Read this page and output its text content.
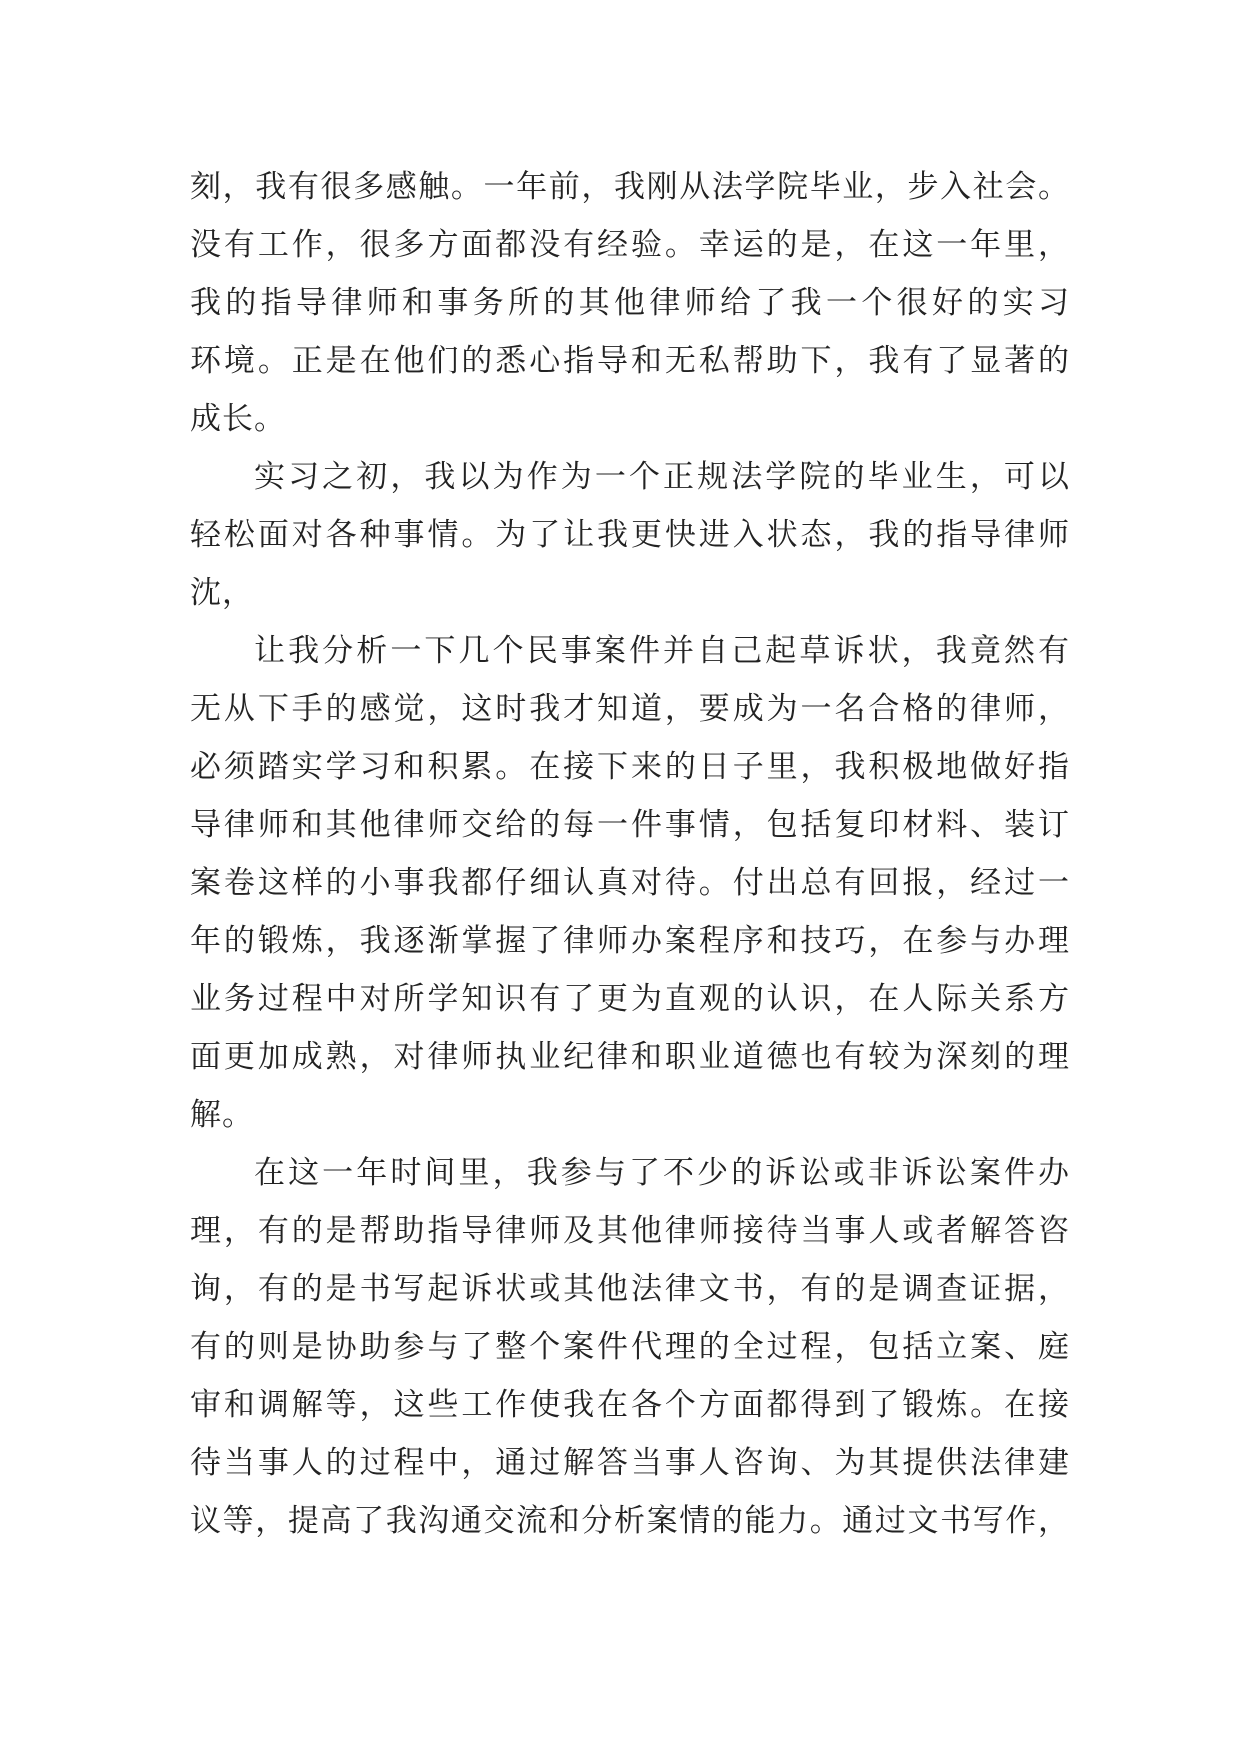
刻，我有很多感触。一年前，我刚从法学院毕业，步入社会。
没有工作，很多方面都没有经验。幸运的是，在这一年里，
我的指导律师和事务所的其他律师给了我一个很好的实习
环境。正是在他们的悉心指导和无私帮助下，我有了显著的
成长。
实习之初，我以为作为一个正规法学院的毕业生，可以
轻松面对各种事情。为了让我更快进入状态，我的指导律师
沈，
让我分析一下几个民事案件并自己起草诉状，我竟然有
无从下手的感觉，这时我才知道，要成为一名合格的律师，
必须踏实学习和积累。在接下来的日子里，我积极地做好指
导律师和其他律师交给的每一件事情，包括复印材料、装订
案卷这样的小事我都仔细认真对待。付出总有回报，经过一
年的锻炼，我逐渐掌握了律师办案程序和技巧，在参与办理
业务过程中对所学知识有了更为直观的认识，在人际关系方
面更加成熟，对律师执业纪律和职业道德也有较为深刻的理
解。
在这一年时间里，我参与了不少的诉讼或非诉讼案件办
理，有的是帮助指导律师及其他律师接待当事人或者解答咨
询，有的是书写起诉状或其他法律文书，有的是调查证据，
有的则是协助参与了整个案件代理的全过程，包括立案、庭
审和调解等，这些工作使我在各个方面都得到了锻炼。在接
待当事人的过程中，通过解答当事人咨询、为其提供法律建
议等，提高了我沟通交流和分析案情的能力。通过文书写作，
